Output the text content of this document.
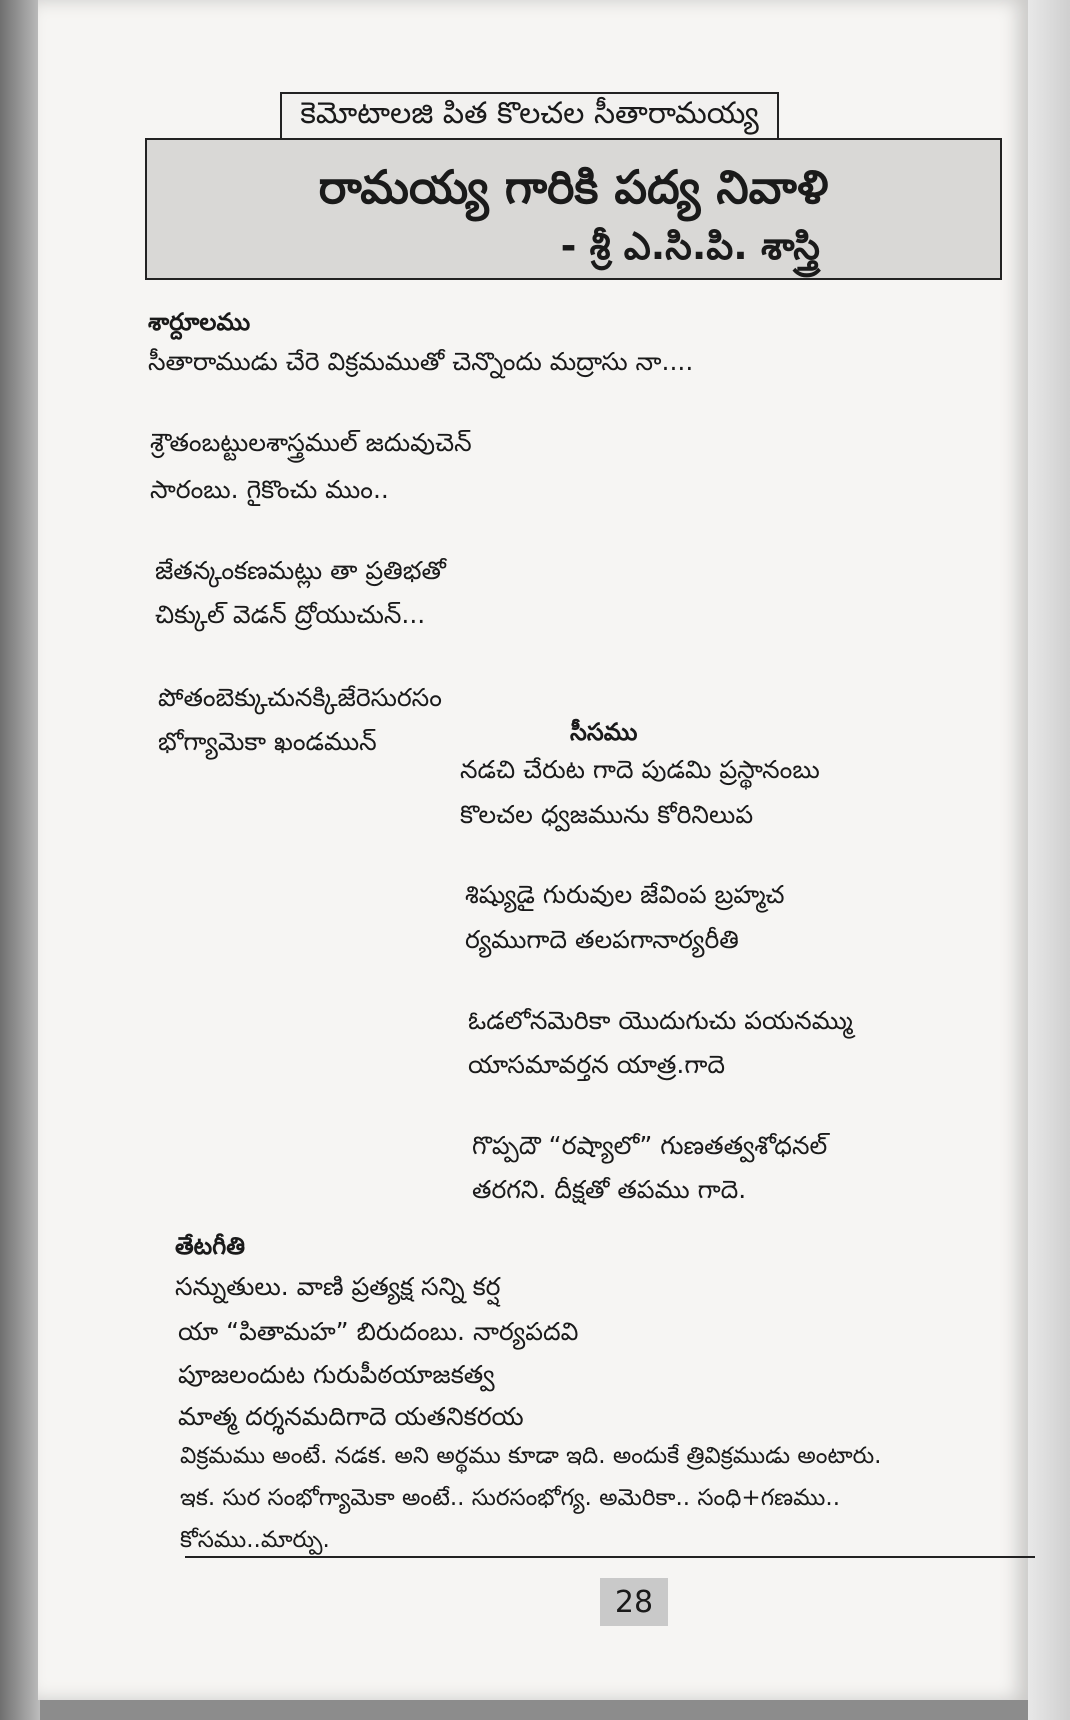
కెమోటాలజి పిత కొలచల సీతారామయ్య
రామయ్య గారికి పద్య నివాళి
- శ్రీ ఎ.సి.పి. శాస్త్రి
శార్దూలము
సీతారాముడు చేరె విక్రమముతో చెన్నొందు మద్రాసు నా....
శ్రౌతంబట్టులశాస్త్రముల్ జదువుచెన్
సారంబు. గైకొంచు ముం..
జేతన్కంకణమట్లు తా ప్రతిభతో
చిక్కుల్ వెడన్ ద్రోయుచున్...
పోతంబెక్కుచునక్కిజేరెసురసం
భోగ్యామెకా ఖండమున్	సీసము
నడచి చేరుట గాదె పుడమి ప్రస్థానంబు
కొలచల ధ్వజమును కోరినిలుప
శిష్యుడై గురువుల జేవింప బ్రహ్మచ
ర్యముగాదె తలపగానార్యరీతి
ఓడలోనమెరికా యొదుగుచు పయనమ్ము
యాసమావర్తన యాత్ర.గాదె
గొప్పదౌ “రష్యాలో” గుణతత్వశోధనల్
తరగని. దీక్షతో తపము గాదె.
తేటగీతి
సన్నుతులు. వాణి ప్రత్యక్ష సన్ని కర్ష
యా “పితామహ” బిరుదంబు. నార్యపదవి
పూజలందుట గురుపీఠయాజకత్వ
మాత్మ దర్శనమదిగాదె యతనికరయ
విక్రమము అంటే. నడక. అని అర్థము కూడా ఇది. అందుకే త్రివిక్రముడు అంటారు.
ఇక. సుర సంభోగ్యామెకా అంటే.. సురసంభోగ్య. అమెరికా.. సంధి+గణము..
కోసము..మార్పు.
28
